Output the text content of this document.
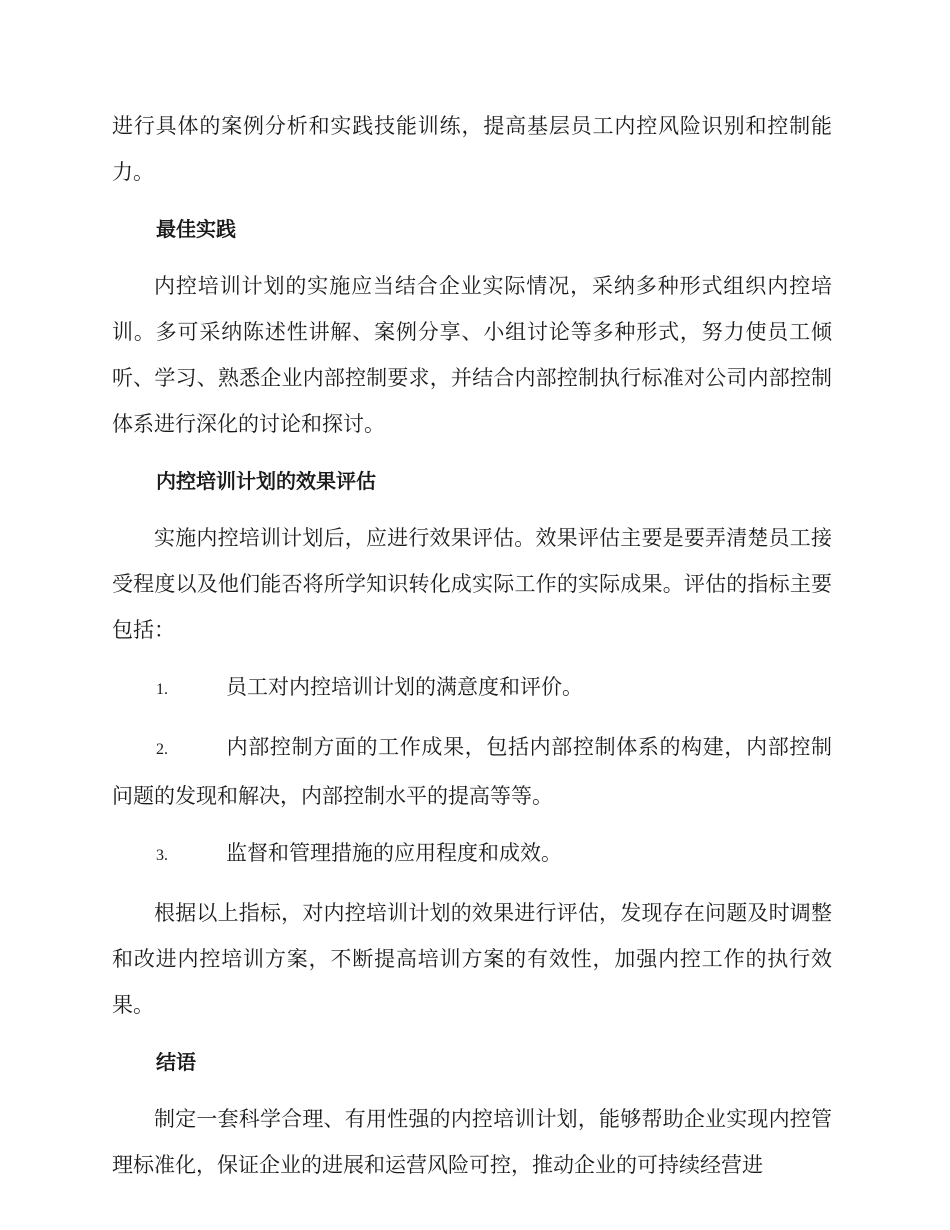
进行具体的案例分析和实践技能训练，提高基层员工内控风险识别和控制能力。

最佳实践

内控培训计划的实施应当结合企业实际情况，采纳多种形式组织内控培训。多可采纳陈述性讲解、案例分享、小组讨论等多种形式，努力使员工倾听、学习、熟悉企业内部控制要求，并结合内部控制执行标准对公司内部控制体系进行深化的讨论和探讨。

内控培训计划的效果评估

实施内控培训计划后，应进行效果评估。效果评估主要是要弄清楚员工接受程度以及他们能否将所学知识转化成实际工作的实际成果。评估的指标主要包括：

1.	员工对内控培训计划的满意度和评价。

2.	内部控制方面的工作成果，包括内部控制体系的构建，内部控制问题的发现和解决，内部控制水平的提高等等。

3.	监督和管理措施的应用程度和成效。

根据以上指标，对内控培训计划的效果进行评估，发现存在问题及时调整和改进内控培训方案，不断提高培训方案的有效性，加强内控工作的执行效果。

结语

制定一套科学合理、有用性强的内控培训计划，能够帮助企业实现内控管理标准化，保证企业的进展和运营风险可控，推动企业的可持续经营进
